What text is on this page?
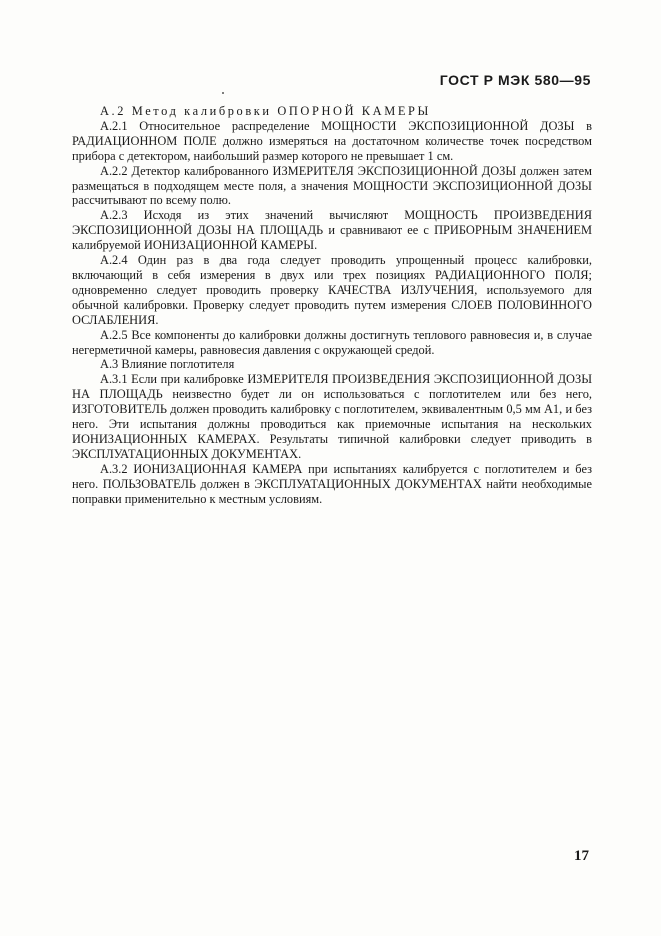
ГОСТ Р МЭК 580—95

А.2 Метод калибровки ОПОРНОЙ КАМЕРЫ

А.2.1 Относительное распределение МОЩНОСТИ ЭКСПОЗИЦИОННОЙ ДОЗЫ в РАДИАЦИОННОМ ПОЛЕ должно измеряться на достаточном количестве точек посредством прибора с детектором, наибольший размер которого не превышает 1 см.

А.2.2 Детектор калиброванного ИЗМЕРИТЕЛЯ ЭКСПОЗИЦИОННОЙ ДОЗЫ должен затем размещаться в подходящем месте поля, а значения МОЩНОСТИ ЭКСПОЗИЦИОННОЙ ДОЗЫ рассчитывают по всему полю.

А.2.3 Исходя из этих значений вычисляют МОЩНОСТЬ ПРОИЗВЕДЕНИЯ ЭКСПОЗИЦИОННОЙ ДОЗЫ НА ПЛОЩАДЬ и сравнивают ее с ПРИБОРНЫМ ЗНАЧЕНИЕМ калибруемой ИОНИЗАЦИОННОЙ КАМЕРЫ.

А.2.4 Один раз в два года следует проводить упрощенный процесс калибровки, включающий в себя измерения в двух или трех позициях РАДИАЦИОННОГО ПОЛЯ; одновременно следует проводить проверку КАЧЕСТВА ИЗЛУЧЕНИЯ, используемого для обычной калибровки. Проверку следует проводить путем измерения СЛОЕВ ПОЛОВИННОГО ОСЛАБЛЕНИЯ.

А.2.5 Все компоненты до калибровки должны достигнуть теплового равновесия и, в случае негерметичной камеры, равновесия давления с окружающей средой.

А.3 Влияние поглотителя

А.3.1 Если при калибровке ИЗМЕРИТЕЛЯ ПРОИЗВЕДЕНИЯ ЭКСПОЗИЦИОННОЙ ДОЗЫ НА ПЛОЩАДЬ неизвестно будет ли он использоваться с поглотителем или без него, ИЗГОТОВИТЕЛЬ должен проводить калибровку с поглотителем, эквивалентным 0,5 мм А1, и без него. Эти испытания должны проводиться как приемочные испытания на нескольких ИОНИЗАЦИОННЫХ КАМЕРАХ. Результаты типичной калибровки следует приводить в ЭКСПЛУАТАЦИОННЫХ ДОКУМЕНТАХ.

А.3.2 ИОНИЗАЦИОННАЯ КАМЕРА при испытаниях калибруется с поглотителем и без него. ПОЛЬЗОВАТЕЛЬ должен в ЭКСПЛУАТАЦИОННЫХ ДОКУМЕНТАХ найти необходимые поправки применительно к местным условиям.

17
